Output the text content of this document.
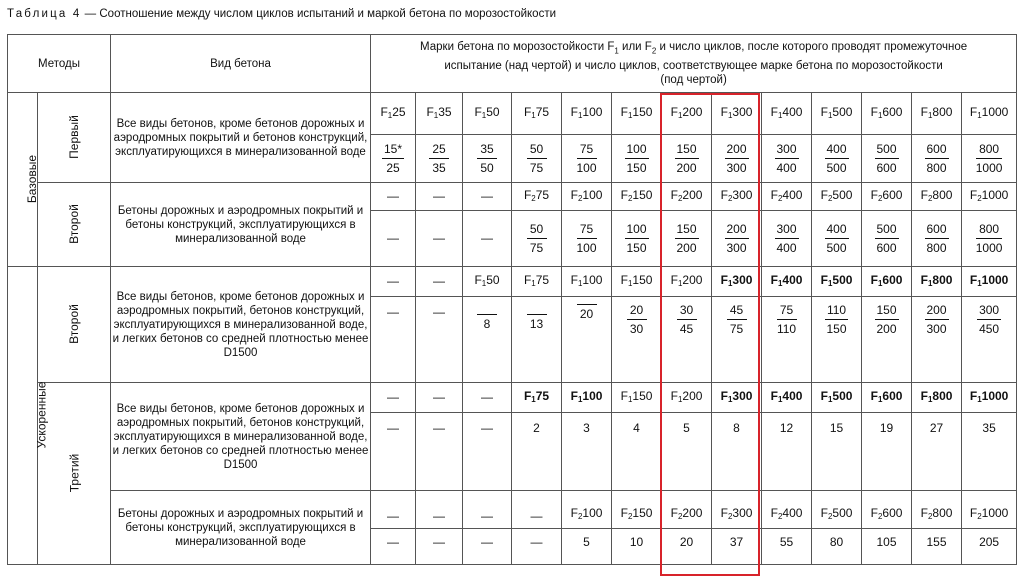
Таблица 4 — Соотношение между числом циклов испытаний и маркой бетона по морозостойкости
Методы		Вид бетона	Марки бетона по морозостойкости $F_1$ или $F_2$ и число циклов, после которого проводят промежуточное
испытание (над чертой) и число циклов, соответствующее марке бетона по морозостойкости
(под чертой)												
Базовые	Первый	Все виды бетонов, кроме бетонов дорожных и аэродромных покрытий и бетонов конструкций, эксплуатирующихся в минерализованной воде	$F_125$	$F_135$	$F_150$	$F_175$	$F_1100$	$F_1150$	$F_1200$	$F_1300$	$F_1400$	$F_1500$	$F_1600$	$F_1800$	$F_11000$

			$\frac{15*}{25}$	$\frac{25}{35}$	$\frac{35}{50}$	$\frac{50}{75}$	$\frac{75}{100}$	$\frac{100}{150}$	$\frac{150}{200}$	$\frac{200}{300}$	$\frac{300}{400}$	$\frac{400}{500}$	$\frac{500}{600}$	$\frac{600}{800}$	$\frac{800}{1000}$

	Второй	Бетоны дорожных и аэродромных покрытий и бетоны конструкций, эксплуатирующихся в минерализованной воде	—	—	—	$F_275$	$F_2100$	$F_2150$	$F_2200$	$F_2300$	$F_2400$	$F_2500$	$F_2600$	$F_2800$	$F_21000$
			—	—	—	$\frac{50}{75}$	$\frac{75}{100}$	$\frac{100}{150}$	$\frac{150}{200}$	$\frac{200}{300}$	$\frac{300}{400}$	$\frac{400}{500}$	$\frac{500}{600}$	$\frac{600}{800}$	$\frac{800}{1000}$

Ускоренные	Второй	Все виды бетонов, кроме бетонов дорожных и аэродромных покрытий, бетонов конструкций, эксплуатирующихся в минерализованной воде, и легких бетонов со средней плотностью менее D1500	—	—	$F_150$	$F_175$	$F_1100$	$F_1150$	$F_1200$	$F_1300$	$F_1400$	$F_1500$	$F_1600$	$F_1800$	$F_11000$
			—	—	8	13	20	$\frac{20}{30}$	$\frac{30}{45}$	$\frac{45}{75}$	$\frac{75}{110}$	$\frac{110}{150}$	$\frac{150}{200}$	$\frac{200}{300}$	$\frac{300}{450}$

	Третий	Все виды бетонов, кроме бетонов дорожных и аэродромных покрытий, бетонов конструкций, эксплуатирующихся в минерализованной воде, и легких бетонов со средней плотностью менее D1500	—	—	—	$F_175$	$F_1100$	$F_1150$	$F_1200$	$F_1300$	$F_1400$	$F_1500$	$F_1600$	$F_1800$	$F_11000$
			—	—	—	2	3	4	5	8	12	15	19	27	35
		Бетоны дорожных и аэродромных покрытий и бетоны конструкций, эксплуатирующихся в минерализованной воде	—	—	—	—	$F_2100$	$F_2150$	$F_2200$	$F_2300$	$F_2400$	$F_2500$	$F_2600$	$F_2800$	$F_21000$
			—	—	—	—	5	10	20	37	55	80	105	155	205
